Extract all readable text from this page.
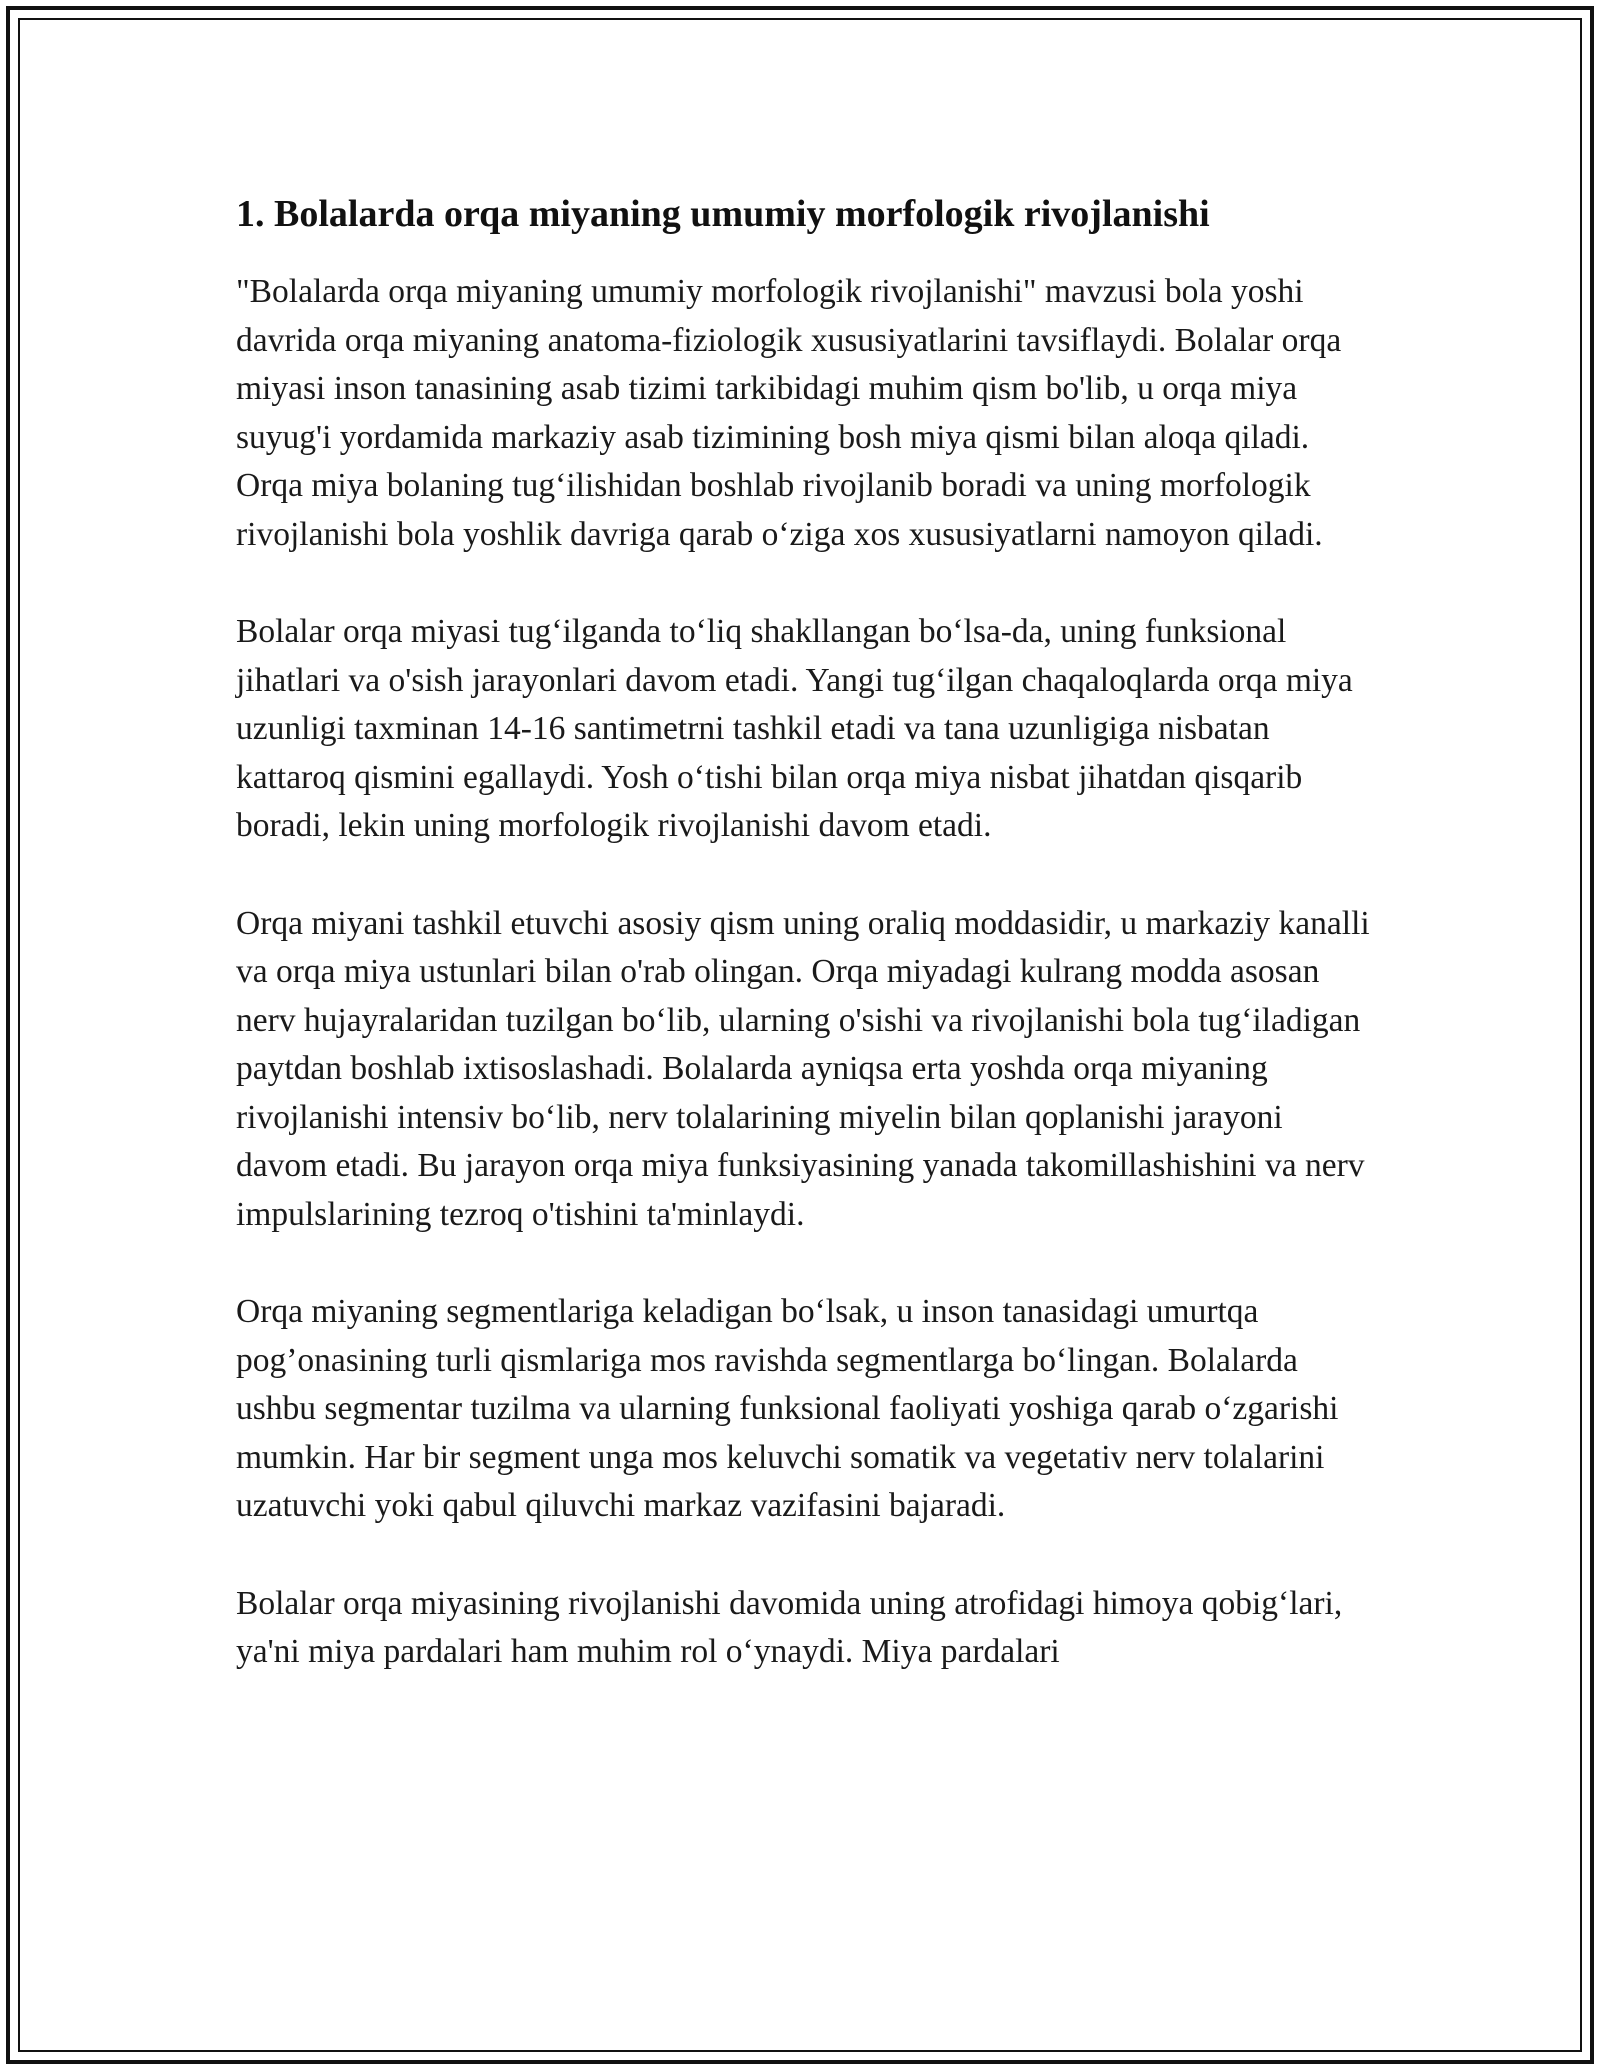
1. Bolalarda orqa miyaning umumiy morfologik rivojlanishi

"Bolalarda orqa miyaning umumiy morfologik rivojlanishi" mavzusi bola yoshi davrida orqa miyaning anatoma-fiziologik xususiyatlarini tavsiflaydi. Bolalar orqa miyasi inson tanasining asab tizimi tarkibidagi muhim qism bo'lib, u orqa miya suyug'i yordamida markaziy asab tizimining bosh miya qismi bilan aloqa qiladi. Orqa miya bolaning tug‘ilishidan boshlab rivojlanib boradi va uning morfologik rivojlanishi bola yoshlik davriga qarab o‘ziga xos xususiyatlarni namoyon qiladi.

Bolalar orqa miyasi tug‘ilganda to‘liq shakllangan bo‘lsa-da, uning funksional jihatlari va o'sish jarayonlari davom etadi. Yangi tug‘ilgan chaqaloqlarda orqa miya uzunligi taxminan 14-16 santimetrni tashkil etadi va tana uzunligiga nisbatan kattaroq qismini egallaydi. Yosh o‘tishi bilan orqa miya nisbat jihatdan qisqarib boradi, lekin uning morfologik rivojlanishi davom etadi.

Orqa miyani tashkil etuvchi asosiy qism uning oraliq moddasidir, u markaziy kanalli va orqa miya ustunlari bilan o'rab olingan. Orqa miyadagi kulrang modda asosan nerv hujayralaridan tuzilgan bo‘lib, ularning o'sishi va rivojlanishi bola tug‘iladigan paytdan boshlab ixtisoslashadi. Bolalarda ayniqsa erta yoshda orqa miyaning rivojlanishi intensiv bo‘lib, nerv tolalarining miyelin bilan qoplanishi jarayoni davom etadi. Bu jarayon orqa miya funksiyasining yanada takomillashishini va nerv impulslarining tezroq o'tishini ta'minlaydi.

Orqa miyaning segmentlariga keladigan bo‘lsak, u inson tanasidagi umurtqa pog’onasining turli qismlariga mos ravishda segmentlarga bo‘lingan. Bolalarda ushbu segmentar tuzilma va ularning funksional faoliyati yoshiga qarab o‘zgarishi mumkin. Har bir segment unga mos keluvchi somatik va vegetativ nerv tolalarini uzatuvchi yoki qabul qiluvchi markaz vazifasini bajaradi.

Bolalar orqa miyasining rivojlanishi davomida uning atrofidagi himoya qobig‘lari, ya'ni miya pardalari ham muhim rol o‘ynaydi. Miya pardalari
